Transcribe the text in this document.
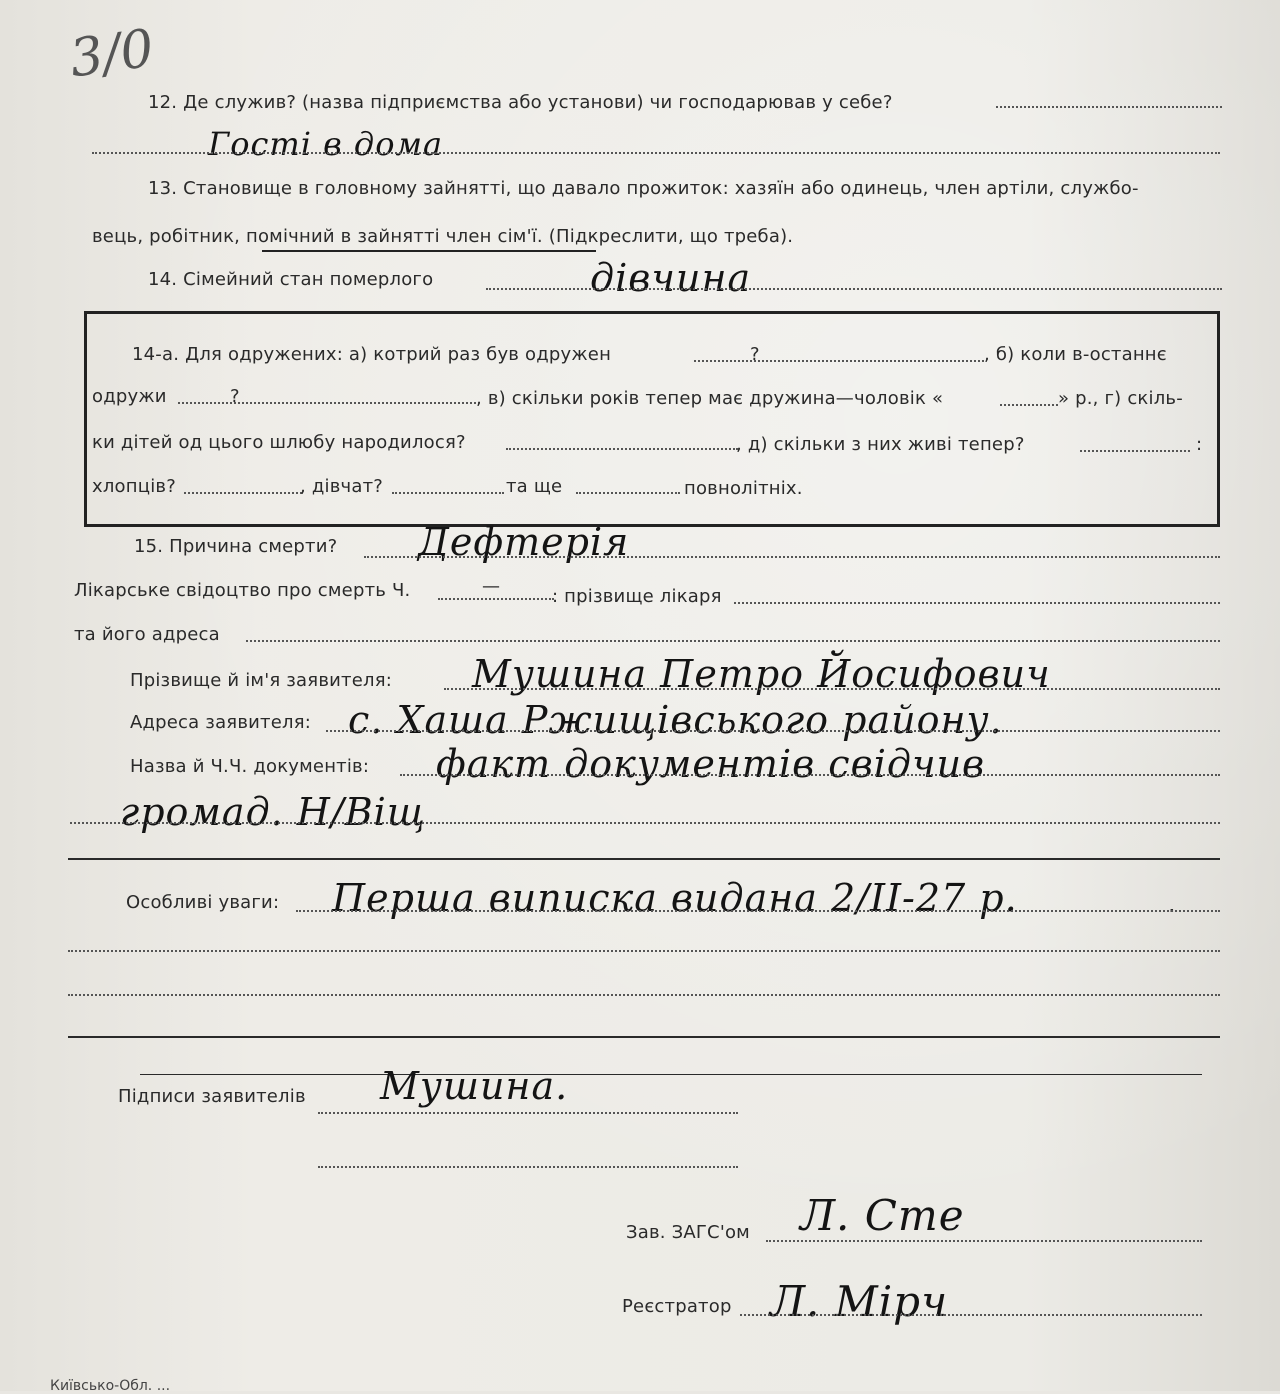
3/0
12. Де служив? (назва підприємства або установи) чи господарював у себе?
Гості в дома
13. Становище в головному зайнятті, що давало прожиток: хазяїн або одинець, член артіли, службо-
вець, робітник, помічний в зайнятті член сім'ї. (Підкреслити, що треба).
14. Сімейний стан померлого	дівчина
14-а. Для одружених: а) котрий раз був одружен	?	, б) коли в-останнє
одружи	?	, в) скільки років тепер має дружина—чоловік «	» р., г) скіль-
ки дітей од цього шлюбу народилося?	, д) скільки з них живі тепер?	:
хлопців?	, дівчат?	та ще	повнолітніх.
15. Причина смерти? Дефтерія
Лікарське свідоцтво про смерть Ч.	—	: прізвище лікаря
та його адреса
Прізвище й ім'я заявителя: Мушина Петро Йосифович
Адреса заявителя: с. Хаша Ржищівського району.
Назва й Ч.Ч. документів: факт документів свідчив
громад. Н/Віщ
Особливі уваги: Перша виписка видана 2/ІІ-27 р.	·
Підписи заявителів Мушина.
Зав. ЗАГС'ом Л. Сте
Реєстратор Л. Мірч
Київсько-Обл. ...
